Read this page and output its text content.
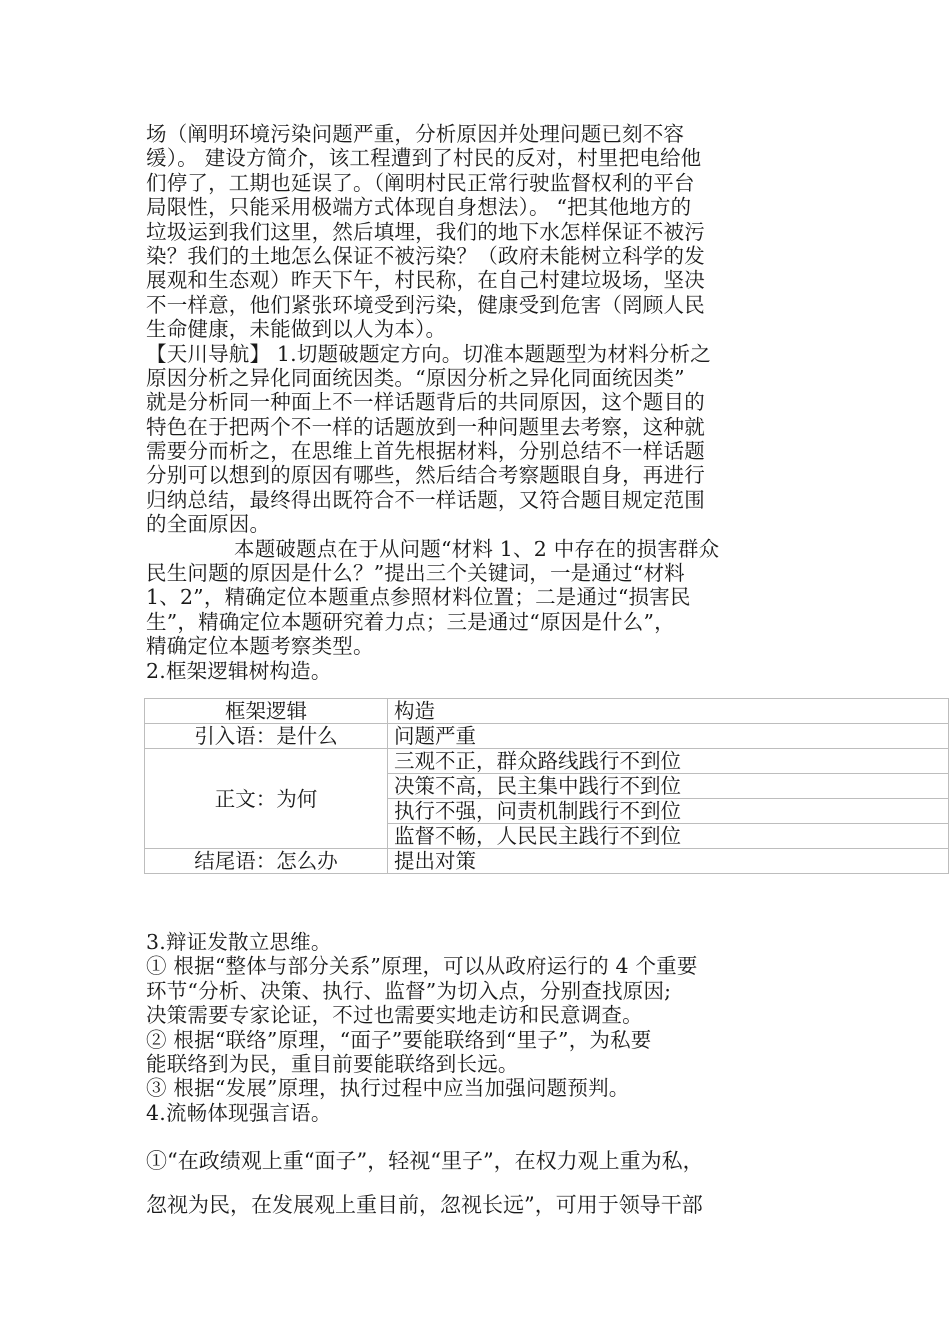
场（阐明环境污染问题严重，分析原因并处理问题已刻不容
缓）。 建设方简介，该工程遭到了村民的反对，村里把电给他
们停了，工期也延误了。（阐明村民正常行驶监督权利的平台
局限性，只能采用极端方式体现自身想法）。 “把其他地方的
垃圾运到我们这里，然后填埋，我们的地下水怎样保证不被污
染？我们的土地怎么保证不被污染？（政府未能树立科学的发
展观和生态观）昨天下午，村民称，在自己村建垃圾场，坚决
不一样意，他们紧张环境受到污染，健康受到危害（罔顾人民
生命健康，未能做到以人为本）。
【天川导航】 1.切题破题定方向。切准本题题型为材料分析之
原因分析之异化同面统因类。“原因分析之异化同面统因类”
就是分析同一种面上不一样话题背后的共同原因，这个题目的
特色在于把两个不一样的话题放到一种问题里去考察，这种就
需要分而析之，在思维上首先根据材料，分别总结不一样话题
分别可以想到的原因有哪些，然后结合考察题眼自身，再进行
归纳总结，最终得出既符合不一样话题，又符合题目规定范围
的全面原因。
本题破题点在于从问题“材料 1、2 中存在的损害群众
民生问题的原因是什么？”提出三个关键词，一是通过“材料
1、2”，精确定位本题重点参照材料位置；二是通过“损害民
生”，精确定位本题研究着力点；三是通过“原因是什么”，
精确定位本题考察类型。
2.框架逻辑树构造。
框架逻辑	构造
引入语：是什么	问题严重
正文：为何	三观不正，群众路线践行不到位
	决策不高，民主集中践行不到位
	执行不强，问责机制践行不到位
	监督不畅，人民民主践行不到位
结尾语：怎么办	提出对策
3.辩证发散立思维。
① 根据“整体与部分关系”原理，可以从政府运行的 4 个重要
环节“分析、决策、执行、监督”为切入点，分别查找原因;
决策需要专家论证，不过也需要实地走访和民意调查。
② 根据“联络”原理，“面子”要能联络到“里子”，为私要
能联络到为民，重目前要能联络到长远。
③ 根据“发展”原理，执行过程中应当加强问题预判。
4.流畅体现强言语。
①“在政绩观上重“面子”，轻视“里子”，在权力观上重为私，
忽视为民，在发展观上重目前，忽视长远”，可用于领导干部
